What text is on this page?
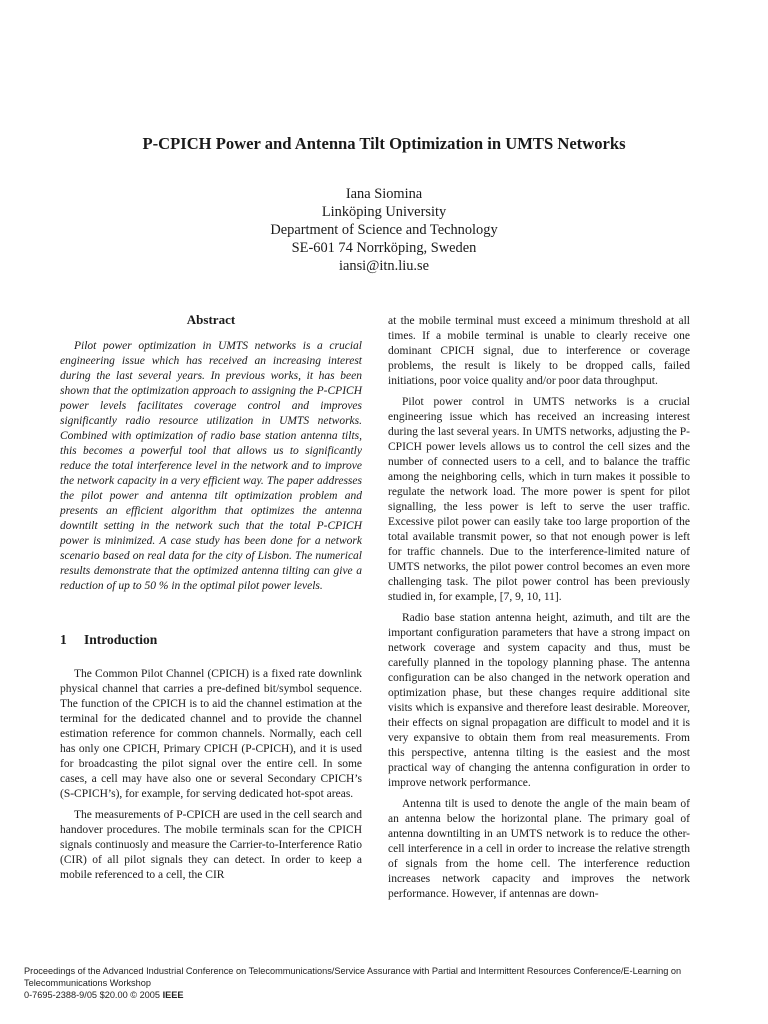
P-CPICH Power and Antenna Tilt Optimization in UMTS Networks
Iana Siomina
Linköping University
Department of Science and Technology
SE-601 74 Norrköping, Sweden
iansi@itn.liu.se
Abstract

Pilot power optimization in UMTS networks is a crucial engineering issue which has received an increasing interest during the last several years. In previous works, it has been shown that the optimization approach to assigning the P-CPICH power levels facilitates coverage control and improves significantly radio resource utilization in UMTS networks. Combined with optimization of radio base station antenna tilts, this becomes a powerful tool that allows us to significantly reduce the total interference level in the network and to improve the network capacity in a very efficient way. The paper addresses the pilot power and antenna tilt optimization problem and presents an efficient algorithm that optimizes the antenna downtilt setting in the network such that the total P-CPICH power is minimized. A case study has been done for a network scenario based on real data for the city of Lisbon. The numerical results demonstrate that the optimized antenna tilting can give a reduction of up to 50 % in the optimal pilot power levels.

1 Introduction

The Common Pilot Channel (CPICH) is a fixed rate downlink physical channel that carries a pre-defined bit/symbol sequence. The function of the CPICH is to aid the channel estimation at the terminal for the dedicated channel and to provide the channel estimation reference for common channels. Normally, each cell has only one CPICH, Primary CPICH (P-CPICH), and it is used for broadcasting the pilot signal over the entire cell. In some cases, a cell may have also one or several Secondary CPICH’s (S-CPICH’s), for example, for serving dedicated hot-spot areas.

The measurements of P-CPICH are used in the cell search and handover procedures. The mobile terminals scan for the CPICH signals continuosly and measure the Carrier-to-Interference Ratio (CIR) of all pilot signals they can detect. In order to keep a mobile referenced to a cell, the CIR

at the mobile terminal must exceed a minimum threshold at all times. If a mobile terminal is unable to clearly receive one dominant CPICH signal, due to interference or coverage problems, the result is likely to be dropped calls, failed initiations, poor voice quality and/or poor data throughput.

Pilot power control in UMTS networks is a crucial engineering issue which has received an increasing interest during the last several years. In UMTS networks, adjusting the P-CPICH power levels allows us to control the cell sizes and the number of connected users to a cell, and to balance the traffic among the neighboring cells, which in turn makes it possible to regulate the network load. The more power is spent for pilot signalling, the less power is left to serve the user traffic. Excessive pilot power can easily take too large proportion of the total available transmit power, so that not enough power is left for traffic channels. Due to the interference-limited nature of UMTS networks, the pilot power control becomes an even more challenging task. The pilot power control has been previously studied in, for example, [7, 9, 10, 11].

Radio base station antenna height, azimuth, and tilt are the important configuration parameters that have a strong impact on network coverage and system capacity and thus, must be carefully planned in the topology planning phase. The antenna configuration can be also changed in the network operation and optimization phase, but these changes require additional site visits which is expansive and therefore least desirable. Moreover, their effects on signal propagation are difficult to model and it is very expansive to obtain them from real measurements. From this perspective, antenna tilting is the easiest and the most practical way of changing the antenna configuration in order to improve network performance.

Antenna tilt is used to denote the angle of the main beam of an antenna below the horizontal plane. The primary goal of antenna downtilting in an UMTS network is to reduce the other-cell interference in a cell in order to increase the relative strength of signals from the home cell. The interference reduction increases network capacity and improves the network performance. However, if antennas are down-

Proceedings of the Advanced Industrial Conference on Telecommunications/Service Assurance with Partial and Intermittent Resources Conference/E-Learning on Telecommunications Workshop
0-7695-2388-9/05 $20.00 © 2005 IEEE
